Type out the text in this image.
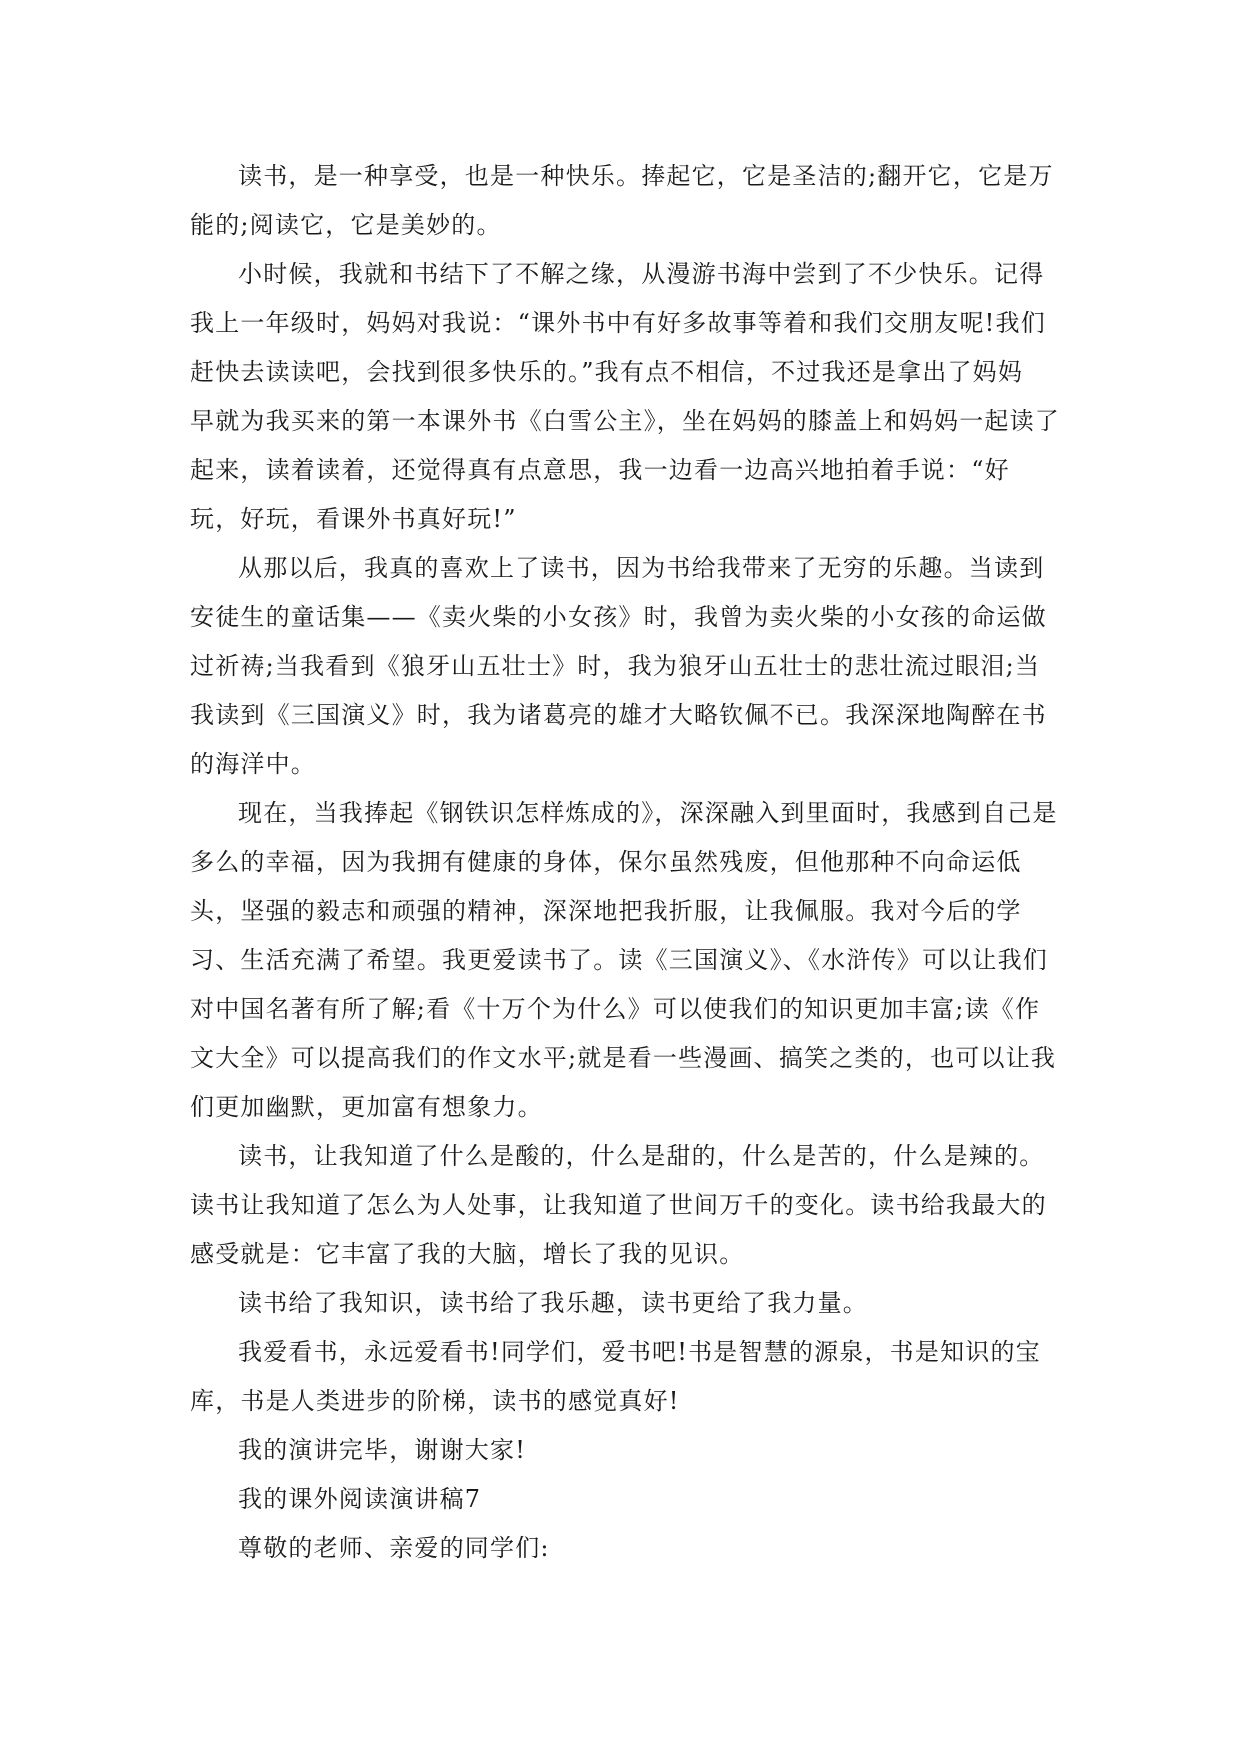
读书，是一种享受，也是一种快乐。捧起它，它是圣洁的;翻开它，它是万
能的;阅读它，它是美妙的。
小时候，我就和书结下了不解之缘，从漫游书海中尝到了不少快乐。记得
我上一年级时，妈妈对我说：“课外书中有好多故事等着和我们交朋友呢!我们
赶快去读读吧，会找到很多快乐的。”我有点不相信，不过我还是拿出了妈妈
早就为我买来的第一本课外书《白雪公主》，坐在妈妈的膝盖上和妈妈一起读了
起来，读着读着，还觉得真有点意思，我一边看一边高兴地拍着手说：“好
玩，好玩，看课外书真好玩!”
从那以后，我真的喜欢上了读书，因为书给我带来了无穷的乐趣。当读到
安徒生的童话集——《卖火柴的小女孩》时，我曾为卖火柴的小女孩的命运做
过祈祷;当我看到《狼牙山五壮士》时，我为狼牙山五壮士的悲壮流过眼泪;当
我读到《三国演义》时，我为诸葛亮的雄才大略钦佩不已。我深深地陶醉在书
的海洋中。
现在，当我捧起《钢铁识怎样炼成的》，深深融入到里面时，我感到自己是
多么的幸福，因为我拥有健康的身体，保尔虽然残废，但他那种不向命运低
头，坚强的毅志和顽强的精神，深深地把我折服，让我佩服。我对今后的学
习、生活充满了希望。我更爱读书了。读《三国演义》、《水浒传》可以让我们
对中国名著有所了解;看《十万个为什么》可以使我们的知识更加丰富;读《作
文大全》可以提高我们的作文水平;就是看一些漫画、搞笑之类的，也可以让我
们更加幽默，更加富有想象力。
读书，让我知道了什么是酸的，什么是甜的，什么是苦的，什么是辣的。
读书让我知道了怎么为人处事，让我知道了世间万千的变化。读书给我最大的
感受就是：它丰富了我的大脑，增长了我的见识。
读书给了我知识，读书给了我乐趣，读书更给了我力量。
我爱看书，永远爱看书!同学们，爱书吧!书是智慧的源泉，书是知识的宝
库，书是人类进步的阶梯，读书的感觉真好!
我的演讲完毕，谢谢大家!
我的课外阅读演讲稿7
尊敬的老师、亲爱的同学们:
